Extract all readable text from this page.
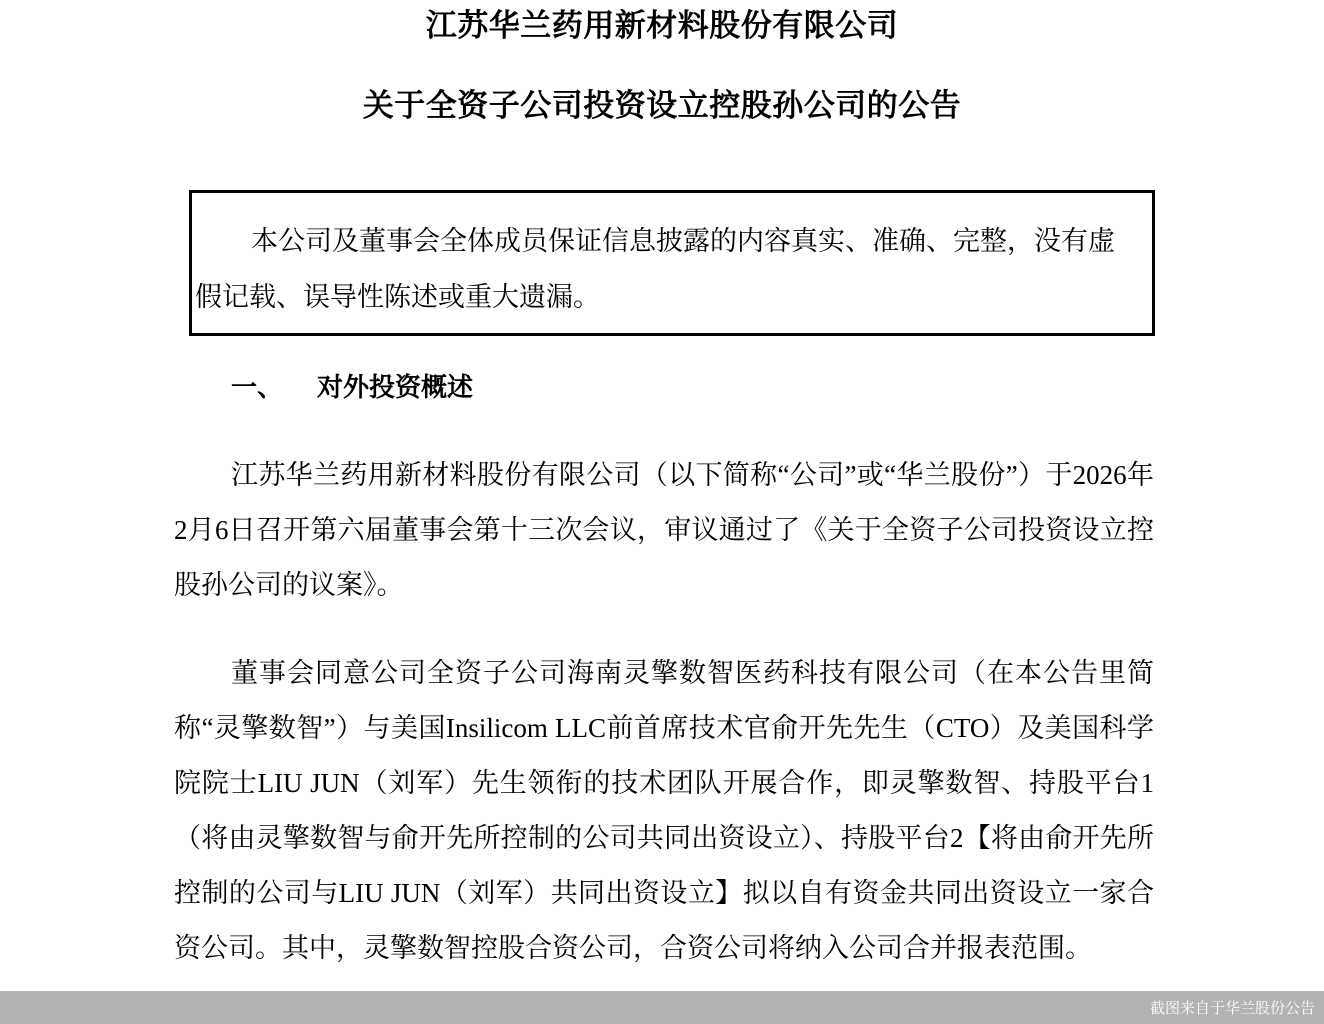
江苏华兰药用新材料股份有限公司
关于全资子公司投资设立控股孙公司的公告

本公司及董事会全体成员保证信息披露的内容真实、准确、完整，没有虚假记载、误导性陈述或重大遗漏。

一、 对外投资概述

江苏华兰药用新材料股份有限公司（以下简称“公司”或“华兰股份”）于2026年2月6日召开第六届董事会第十三次会议，审议通过了《关于全资子公司投资设立控股孙公司的议案》。

董事会同意公司全资子公司海南灵擎数智医药科技有限公司（在本公告里简称“灵擎数智”）与美国Insilicom LLC前首席技术官俞开先先生（CTO）及美国科学院院士LIU JUN（刘军）先生领衔的技术团队开展合作，即灵擎数智、持股平台1（将由灵擎数智与俞开先所控制的公司共同出资设立）、持股平台2【将由俞开先所控制的公司与LIU JUN（刘军）共同出资设立】拟以自有资金共同出资设立一家合资公司。其中，灵擎数智控股合资公司，合资公司将纳入公司合并报表范围。

截图来自于华兰股份公告
